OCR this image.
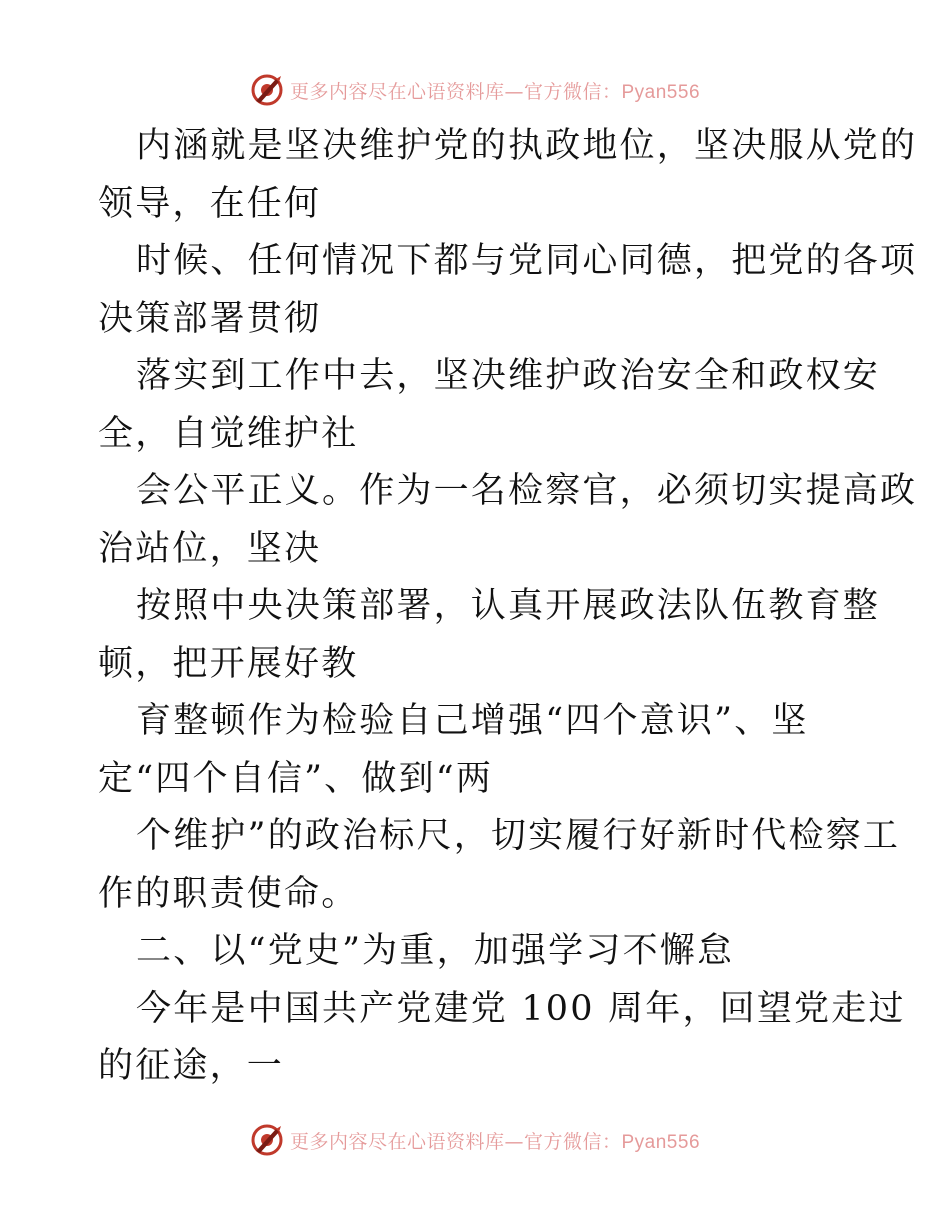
更多内容尽在心语资料库—官方微信：Pyan556
内涵就是坚决维护党的执政地位，坚决服从党的
领导，在任何
时候、任何情况下都与党同心同德，把党的各项
决策部署贯彻
落实到工作中去，坚决维护政治安全和政权安
全，自觉维护社
会公平正义。作为一名检察官，必须切实提高政
治站位，坚决
按照中央决策部署，认真开展政法队伍教育整
顿，把开展好教
育整顿作为检验自己增强“四个意识”、坚
定“四个自信”、做到“两
个维护”的政治标尺，切实履行好新时代检察工
作的职责使命。
二、以“党史”为重，加强学习不懈怠
今年是中国共产党建党 100 周年，回望党走过
的征途，一
更多内容尽在心语资料库—官方微信：Pyan556
